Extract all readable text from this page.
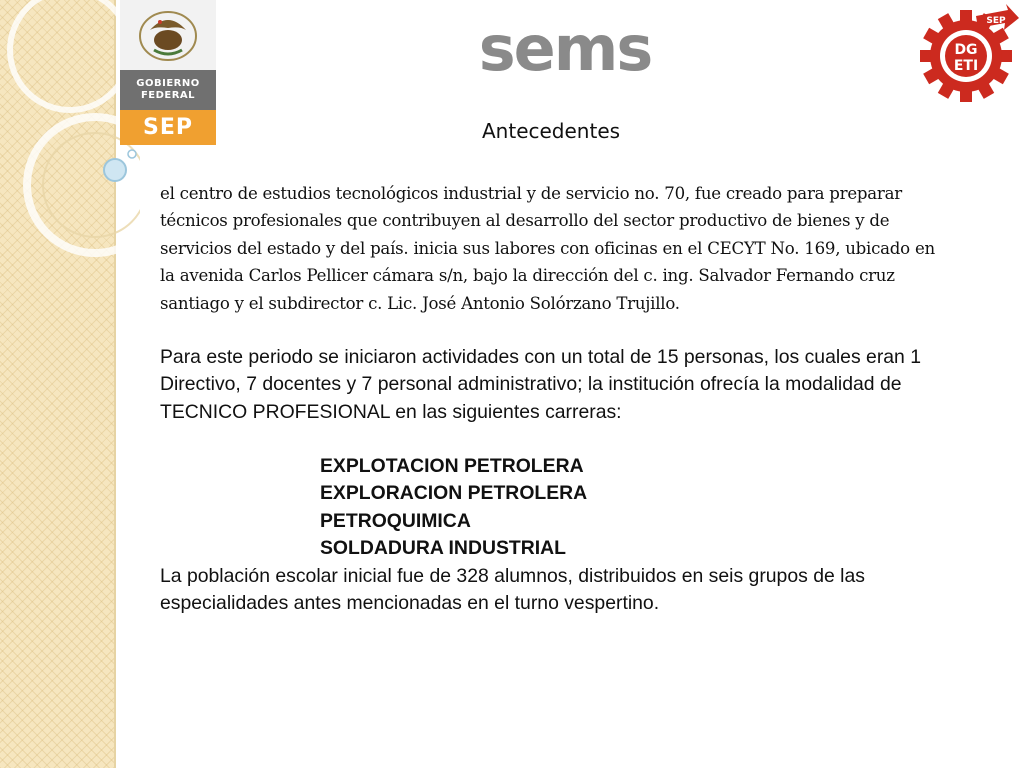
GOBIERNO
FEDERAL
SEP
sems	DG
ETI
SEP
Antecedentes

el centro de estudios tecnológicos industrial y de servicio no. 70, fue creado para preparar técnicos profesionales que contribuyen al desarrollo del sector productivo de bienes y de servicios del estado y del país. inicia sus labores con oficinas en el CECYT No. 169, ubicado en la avenida Carlos Pellicer cámara s/n, bajo la dirección del c. ing. Salvador Fernando cruz santiago y el subdirector c. Lic. José Antonio Solórzano Trujillo.

Para este periodo se iniciaron actividades con un total de 15 personas, los cuales eran 1 Directivo, 7 docentes y 7 personal administrativo; la institución ofrecía la modalidad de TECNICO PROFESIONAL en las siguientes carreras:

EXPLOTACION PETROLERA
EXPLORACION PETROLERA
PETROQUIMICA
SOLDADURA INDUSTRIAL

La población escolar inicial fue de 328 alumnos, distribuidos en seis grupos de las especialidades antes mencionadas en el turno vespertino.
